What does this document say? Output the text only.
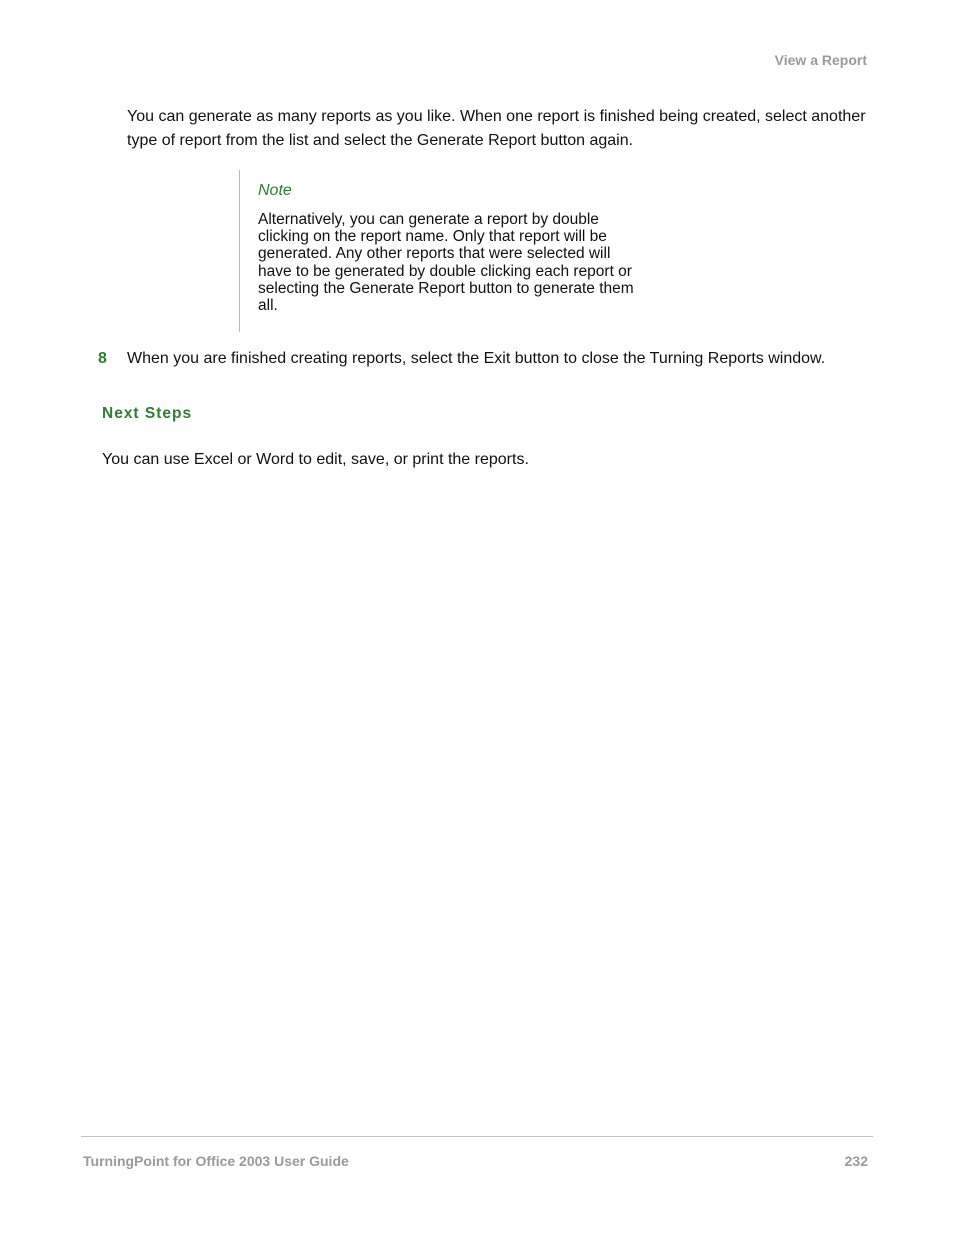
View a Report

You can generate as many reports as you like. When one report is finished being created, select another type of report from the list and select the Generate Report button again.

Note

Alternatively, you can generate a report by double clicking on the report name. Only that report will be generated. Any other reports that were selected will have to be generated by double clicking each report or selecting the Generate Report button to generate them all.

8 When you are finished creating reports, select the Exit button to close the Turning Reports window.
Next Steps

You can use Excel or Word to edit, save, or print the reports.

TurningPoint for Office 2003 User Guide	232
